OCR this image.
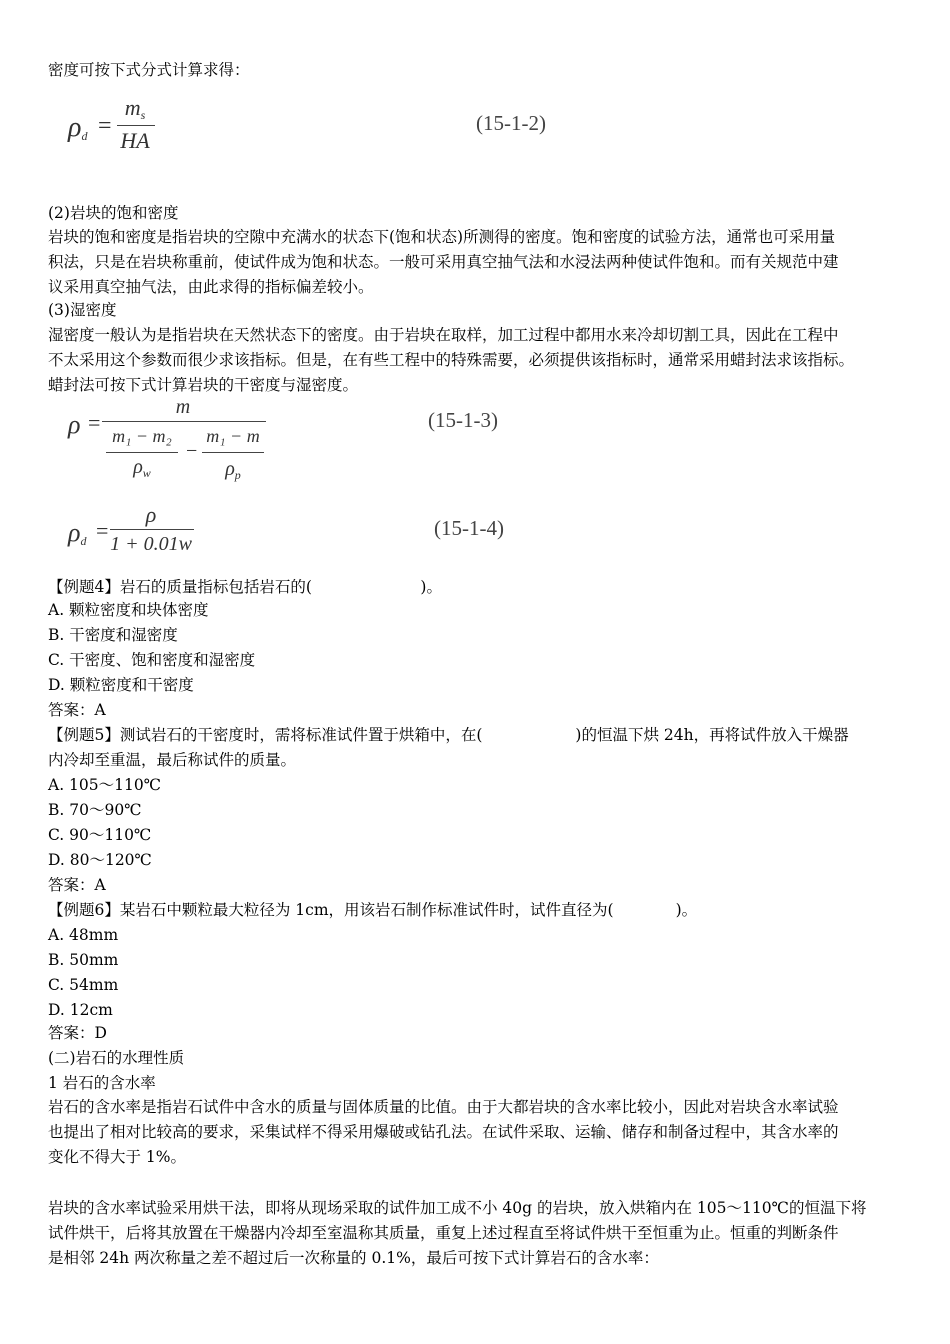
密度可按下式分式计算求得：
$\rho_d$ =
$m_s$
HA
(15-1-2)
(2)岩块的饱和密度
岩块的饱和密度是指岩块的空隙中充满水的状态下(饱和状态)所测得的密度。饱和密度的试验方法，通常也可采用量
积法，只是在岩块称重前，使试件成为饱和状态。一般可采用真空抽气法和水浸法两种使试件饱和。而有关规范中建
议采用真空抽气法，由此求得的指标偏差较小。
(3)湿密度
湿密度一般认为是指岩块在天然状态下的密度。由于岩块在取样，加工过程中都用水来冷却切割工具，因此在工程中
不太采用这个参数而很少求该指标。但是，在有些工程中的特殊需要，必须提供该指标时，通常采用蜡封法求该指标。
蜡封法可按下式计算岩块的干密度与湿密度。
ρ =
m
m₁ − m₂
$\rho_w$
−
m₁ − m
$\rho_p$
(15-1-3)
$\rho_d$ =
ρ
1 + 0.01w
(15-1-4)
【例题4】岩石的质量指标包括岩石的(　　　　　　　)。
A. 颗粒密度和块体密度
B. 干密度和湿密度
C. 干密度、饱和密度和湿密度
D. 颗粒密度和干密度
答案：A
【例题5】测试岩石的干密度时，需将标准试件置于烘箱中，在(　　　　　　)的恒温下烘 24h，再将试件放入干燥器
内冷却至重温，最后称试件的质量。
A. 105～110℃
B. 70～90℃
C. 90～110℃
D. 80～120℃
答案：A
【例题6】某岩石中颗粒最大粒径为 1cm，用该岩石制作标准试件时，试件直径为(　　　　)。
A. 48mm
B. 50mm
C. 54mm
D. 12cm
答案：D
(二)岩石的水理性质
1 岩石的含水率
岩石的含水率是指岩石试件中含水的质量与固体质量的比值。由于大都岩块的含水率比较小，因此对岩块含水率试验
也提出了相对比较高的要求，采集试样不得采用爆破或钻孔法。在试件采取、运输、储存和制备过程中，其含水率的
变化不得大于 1%。
岩块的含水率试验采用烘干法，即将从现场采取的试件加工成不小 40g 的岩块，放入烘箱内在 105～110℃的恒温下将
试件烘干，后将其放置在干燥器内冷却至室温称其质量，重复上述过程直至将试件烘干至恒重为止。恒重的判断条件
是相邻 24h 两次称量之差不超过后一次称量的 0.1%，最后可按下式计算岩石的含水率：
